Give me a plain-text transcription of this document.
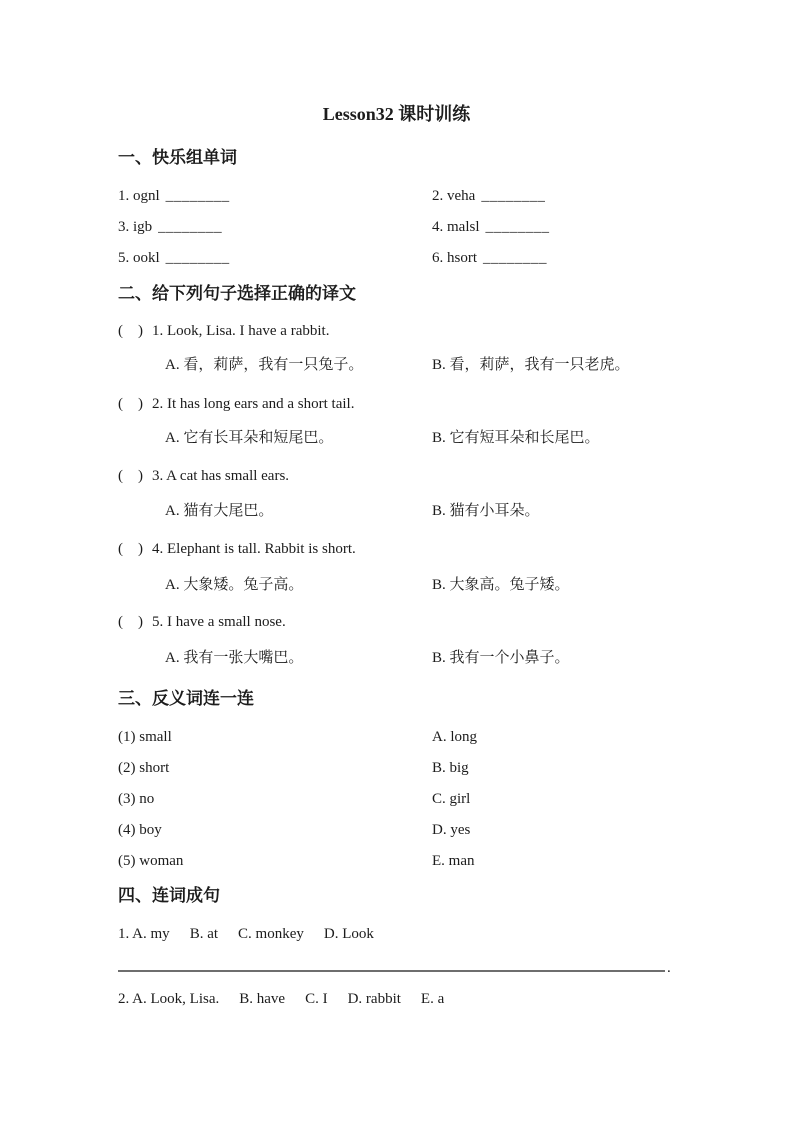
Lesson32 课时训练
一、快乐组单词
1. ognl ________	2. veha ________
3. igb ________	4. malsl ________
5. ookl ________	6. hsort ________
二、给下列句子选择正确的译文
(    ) 1. Look, Lisa. I have a rabbit.
A. 看，莉萨，我有一只兔子。	B. 看，莉萨，我有一只老虎。
(    ) 2. It has long ears and a short tail.
A. 它有长耳朵和短尾巴。	B. 它有短耳朵和长尾巴。
(    ) 3. A cat has small ears.
A. 猫有大尾巴。	B. 猫有小耳朵。
(    ) 4. Elephant is tall. Rabbit is short.
A. 大象矮。兔子高。	B. 大象高。兔子矮。
(    ) 5. I have a small nose.
A. 我有一张大嘴巴。	B. 我有一个小鼻子。
三、反义词连一连
(1) small	A. long
(2) short	B. big
(3) no	C. girl
(4) boy	D. yes
(5) woman	E. man
四、连词成句
1. A. my B. at C. monkey D. Look
.
2. A. Look, Lisa. B. have C. I D. rabbit E. a
